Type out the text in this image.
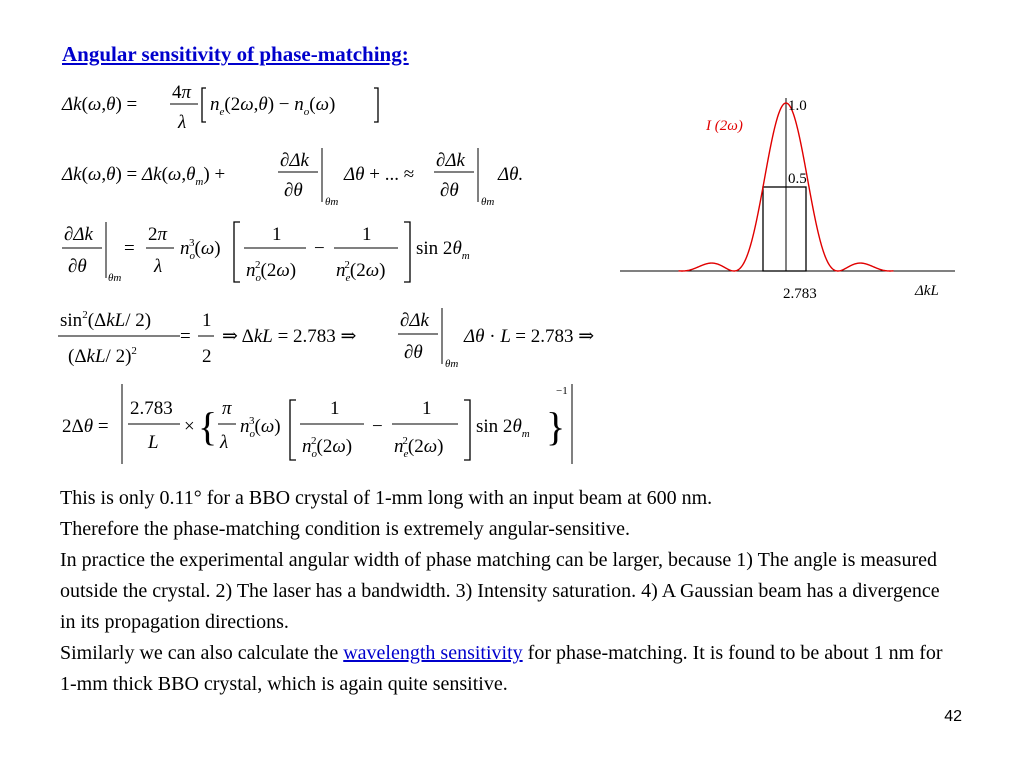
Angular sensitivity of phase-matching:
Δk(ω,θ) =
4π
λ
$n_e(2\omega,\theta) - n_o(\omega)$
$\Delta k(\omega,\theta) = \Delta k(\omega,\theta_m)$ +
∂Δk
∂θ
θm
Δθ + ... ≈
∂Δk
∂θ
θm
Δθ.
∂Δk
∂θ
θm
=
2π
λ
$n_o3(\omega)$
1
$n_o2(2\omega)$
−
1
$n_e2(2\omega)$
$\sin 2\theta_m$
$\sin^2(\Delta kL/$ 2)
(ΔkL/ 2)$^2$
=
1
2
⇒ ΔkL = 2.783 ⇒
∂Δk
∂θ
θm
Δθ · L = 2.783 ⇒
2Δθ =
2.783
L
× { π
λ
$n_o3(\omega)$
1
$n_o2(2\omega)$
−
1
$n_e2(2\omega)$
$\sin 2\theta_m$ }
−1
1.0
0.5
2.783	ΔkL
I (2ω)

This is only 0.11° for a BBO crystal of 1-mm long with an input beam at 600 nm.

Therefore the phase-matching condition is extremely angular-sensitive.

In practice the experimental angular width of phase matching can be larger, because 1) The angle is measured outside the crystal. 2) The laser has a bandwidth. 3) Intensity saturation. 4) A Gaussian beam has a divergence in its propagation directions.

Similarly we can also calculate the wavelength sensitivity for phase-matching. It is found to be about 1 nm for 1-mm thick BBO crystal, which is again quite sensitive.

42
